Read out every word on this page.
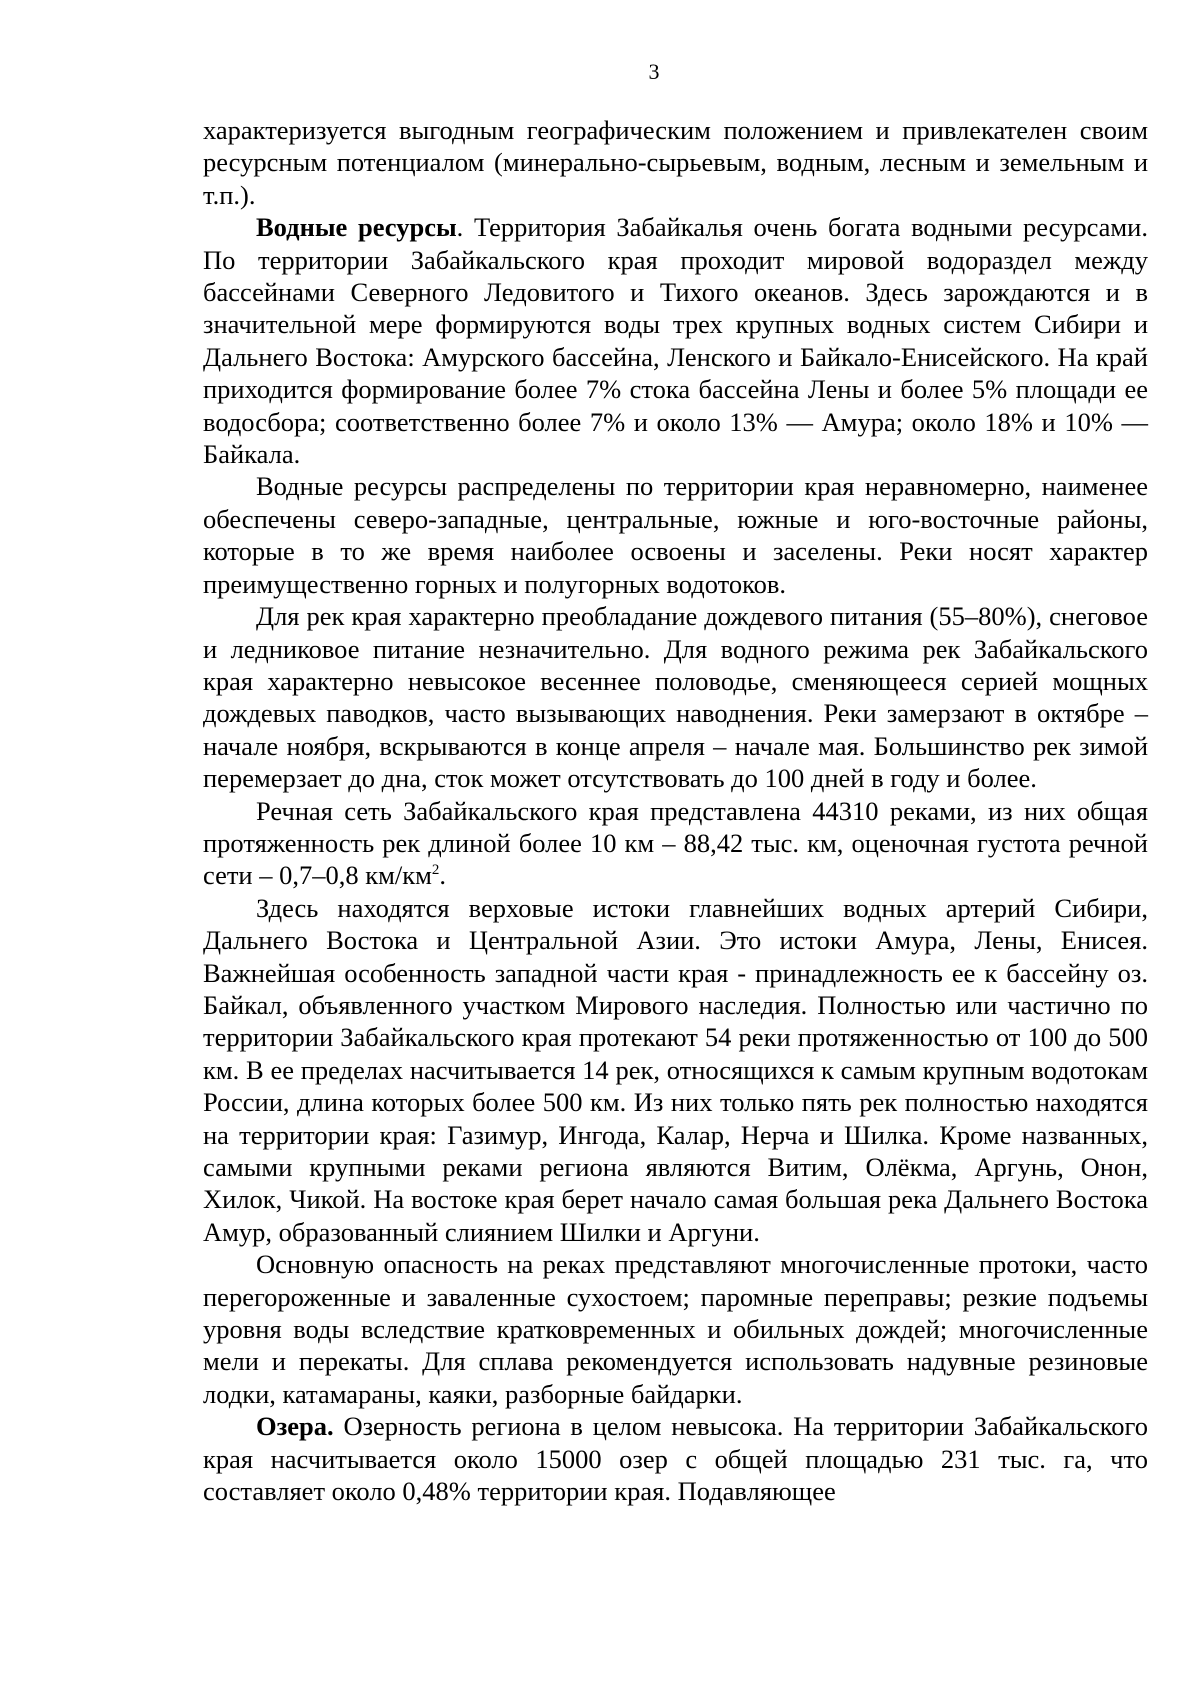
3

характеризуется выгодным географическим положением и привлекателен своим ресурсным потенциалом (минерально-сырьевым, водным, лесным и земельным и т.п.).

Водные ресурсы. Территория Забайкалья очень богата водными ресурсами. По территории Забайкальского края проходит мировой водораздел между бассейнами Северного Ледовитого и Тихого океанов. Здесь зарождаются и в значительной мере формируются воды трех крупных водных систем Сибири и Дальнего Востока: Амурского бассейна, Ленского и Байкало-Енисейского. На край приходится формирование более 7% стока бассейна Лены и более 5% площади ее водосбора; соответственно более 7% и около 13% — Амура; около 18% и 10% — Байкала.

Водные ресурсы распределены по территории края неравномерно, наименее обеспечены северо-западные, центральные, южные и юго-восточные районы, которые в то же время наиболее освоены и заселены. Реки носят характер преимущественно горных и полугорных водотоков.

Для рек края характерно преобладание дождевого питания (55–80%), снеговое и ледниковое питание незначительно. Для водного режима рек Забайкальского края характерно невысокое весеннее половодье, сменяющееся серией мощных дождевых паводков, часто вызывающих наводнения. Реки замерзают в октябре – начале ноября, вскрываются в конце апреля – начале мая. Большинство рек зимой перемерзает до дна, сток может отсутствовать до 100 дней в году и более.

Речная сеть Забайкальского края представлена 44310 реками, из них общая протяженность рек длиной более 10 км – 88,42 тыс. км, оценочная густота речной сети – 0,7–0,8 $км/км^2$.

Здесь находятся верховые истоки главнейших водных артерий Сибири, Дальнего Востока и Центральной Азии. Это истоки Амура, Лены, Енисея. Важнейшая особенность западной части края - принадлежность ее к бассейну оз. Байкал, объявленного участком Мирового наследия. Полностью или частично по территории Забайкальского края протекают 54 реки протяженностью от 100 до 500 км. В ее пределах насчитывается 14 рек, относящихся к самым крупным водотокам России, длина которых более 500 км. Из них только пять рек полностью находятся на территории края: Газимур, Ингода, Калар, Нерча и Шилка. Кроме названных, самыми крупными реками региона являются Витим, Олёкма, Аргунь, Онон, Хилок, Чикой. На востоке края берет начало самая большая река Дальнего Востока Амур, образованный слиянием Шилки и Аргуни.

Основную опасность на реках представляют многочисленные протоки, часто перегороженные и заваленные сухостоем; паромные переправы; резкие подъемы уровня воды вследствие кратковременных и обильных дождей; многочисленные мели и перекаты. Для сплава рекомендуется использовать надувные резиновые лодки, катамараны, каяки, разборные байдарки.

Озера. Озерность региона в целом невысока. На территории Забайкальского края насчитывается около 15000 озер с общей площадью 231 тыс. га, что составляет около 0,48% территории края. Подавляющее
